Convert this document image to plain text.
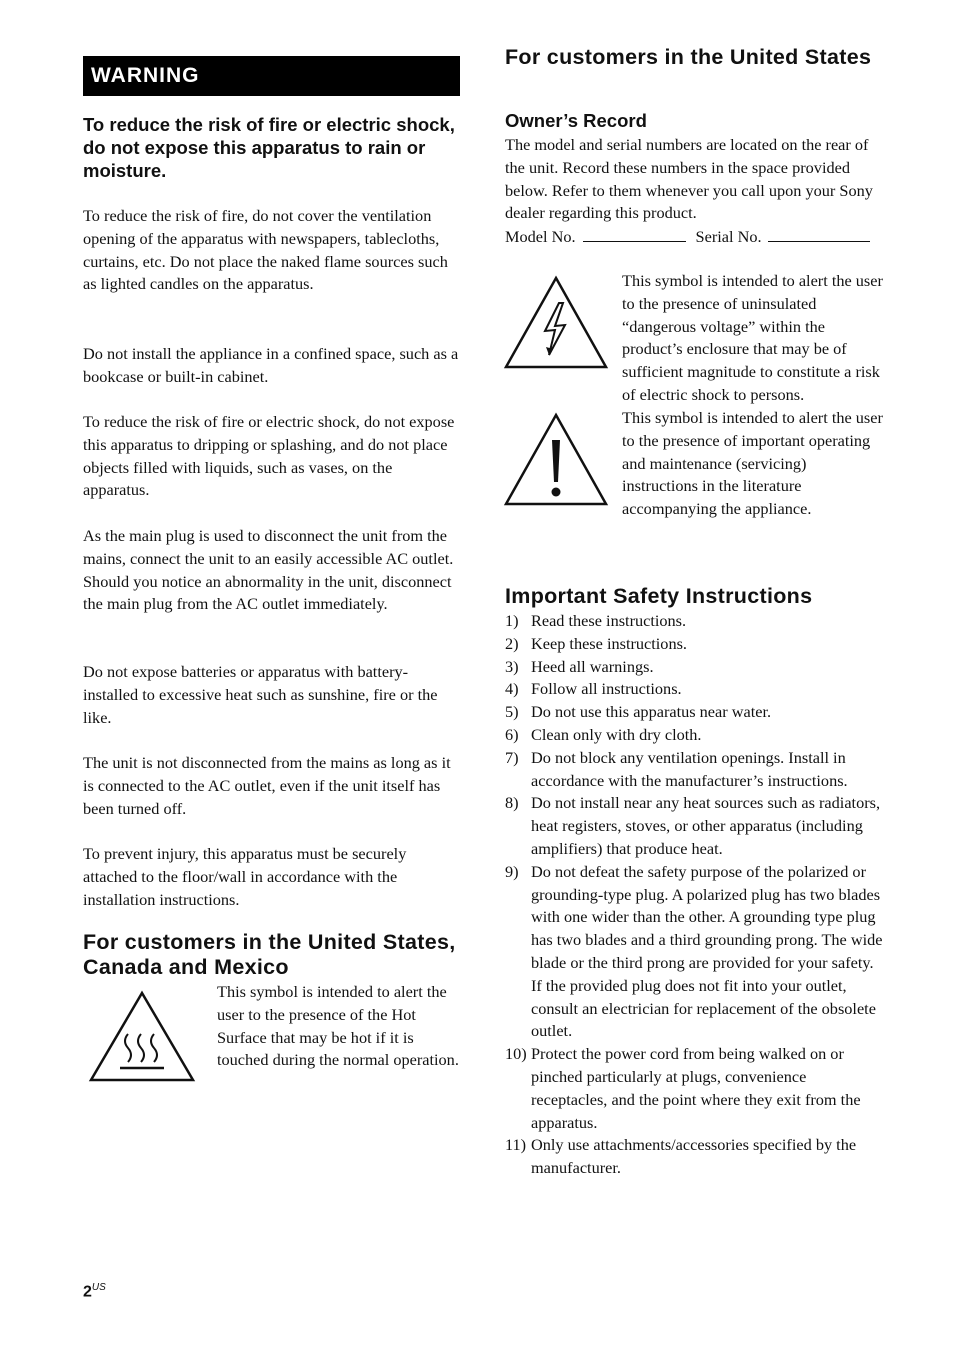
WARNING
To reduce the risk of fire or electric shock, do not expose this apparatus to rain or moisture.
To reduce the risk of fire, do not cover the ventilation opening of the apparatus with newspapers, tablecloths, curtains, etc. Do not place the naked flame sources such as lighted candles on the apparatus.
Do not install the appliance in a confined space, such as a bookcase or built-in cabinet.
To reduce the risk of fire or electric shock, do not expose this apparatus to dripping or splashing, and do not place objects filled with liquids, such as vases, on the apparatus.
As the main plug is used to disconnect the unit from the mains, connect the unit to an easily accessible AC outlet. Should you notice an abnormality in the unit, disconnect the main plug from the AC outlet immediately.
Do not expose batteries or apparatus with battery-installed to excessive heat such as sunshine, fire or the like.
The unit is not disconnected from the mains as long as it is connected to the AC outlet, even if the unit itself has been turned off.
To prevent injury, this apparatus must be securely attached to the floor/wall in accordance with the installation instructions.
For customers in the United States, Canada and Mexico
This symbol is intended to alert the user to the presence of the Hot Surface that may be hot if it is touched during the normal operation.
For customers in the United States
Owner’s Record
The model and serial numbers are located on the rear of the unit. Record these numbers in the space provided below. Refer to them whenever you call upon your Sony dealer regarding this product.
Model No.	Serial No.
This symbol is intended to alert the user to the presence of uninsulated “dangerous voltage” within the product’s enclosure that may be of sufficient magnitude to constitute a risk of electric shock to persons.
This symbol is intended to alert the user to the presence of important operating and maintenance (servicing) instructions in the literature accompanying the appliance.
Important Safety Instructions
1) Read these instructions.
2) Keep these instructions.
3) Heed all warnings.
4) Follow all instructions.
5) Do not use this apparatus near water.
6) Clean only with dry cloth.
7) Do not block any ventilation openings. Install in accordance with the manufacturer’s instructions.
8) Do not install near any heat sources such as radiators, heat registers, stoves, or other apparatus (including amplifiers) that produce heat.
9) Do not defeat the safety purpose of the polarized or grounding-type plug. A polarized plug has two blades with one wider than the other. A grounding type plug has two blades and a third grounding prong. The wide blade or the third prong are provided for your safety. If the provided plug does not fit into your outlet, consult an electrician for replacement of the obsolete outlet.
10) Protect the power cord from being walked on or pinched particularly at plugs, convenience receptacles, and the point where they exit from the apparatus.
11) Only use attachments/accessories specified by the manufacturer.
$2^{US}$
